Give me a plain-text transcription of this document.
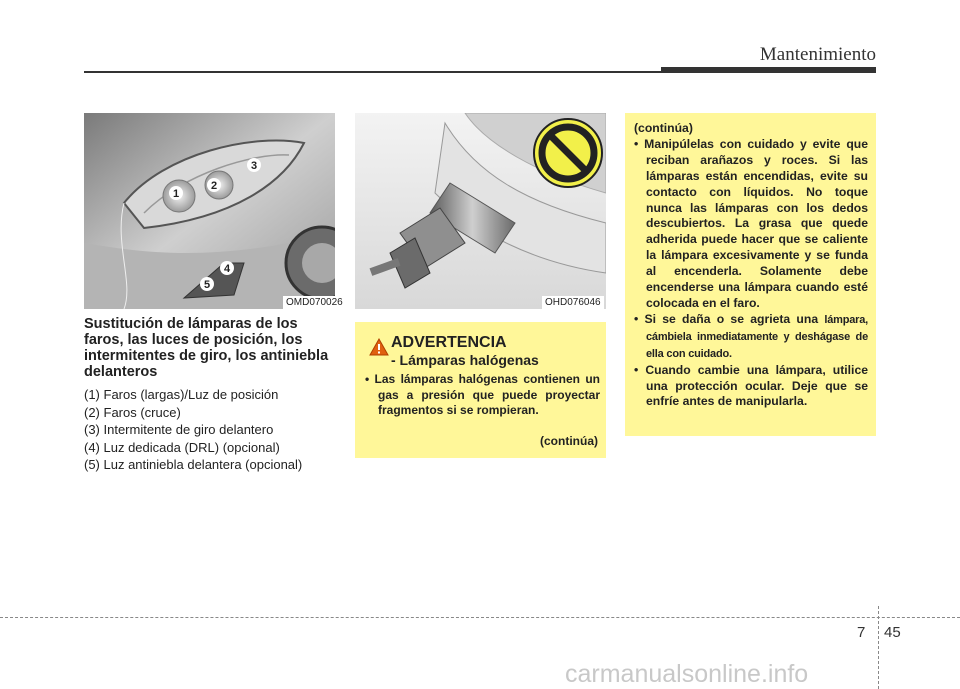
Mantenimiento
1
2
3
4
5
OMD070026	OHD076046
Sustitución de lámparas de los faros, las luces de posición, los intermitentes de giro, los antiniebla delanteros
(1) Faros (largas)/Luz de posición
(2) Faros (cruce)
(3) Intermitente de giro delantero
(4) Luz dedicada (DRL) (opcional)
(5) Luz antiniebla delantera (opcional)
ADVERTENCIA
- Lámparas halógenas
• Las lámparas halógenas contienen un gas a presión que puede proyectar fragmentos si se rompieran.
(continúa)
(continúa)
• Manipúlelas con cuidado y evite que reciban arañazos y roces. Si las lámparas están encendidas, evite su contacto con líquidos. No toque nunca las lámparas con los dedos descubiertos. La grasa que quede adherida puede hacer que se caliente la lámpara excesivamente y se funda al encenderla. Solamente debe encenderse una lámpara cuando esté colocada en el faro.
• Si se daña o se agrieta una lámpara, cámbiela inmediatamente y deshágase de ella con cuidado.
• Cuando cambie una lámpara, utilice una protección ocular. Deje que se enfríe antes de manipularla.
7 45
carmanualsonline.info
